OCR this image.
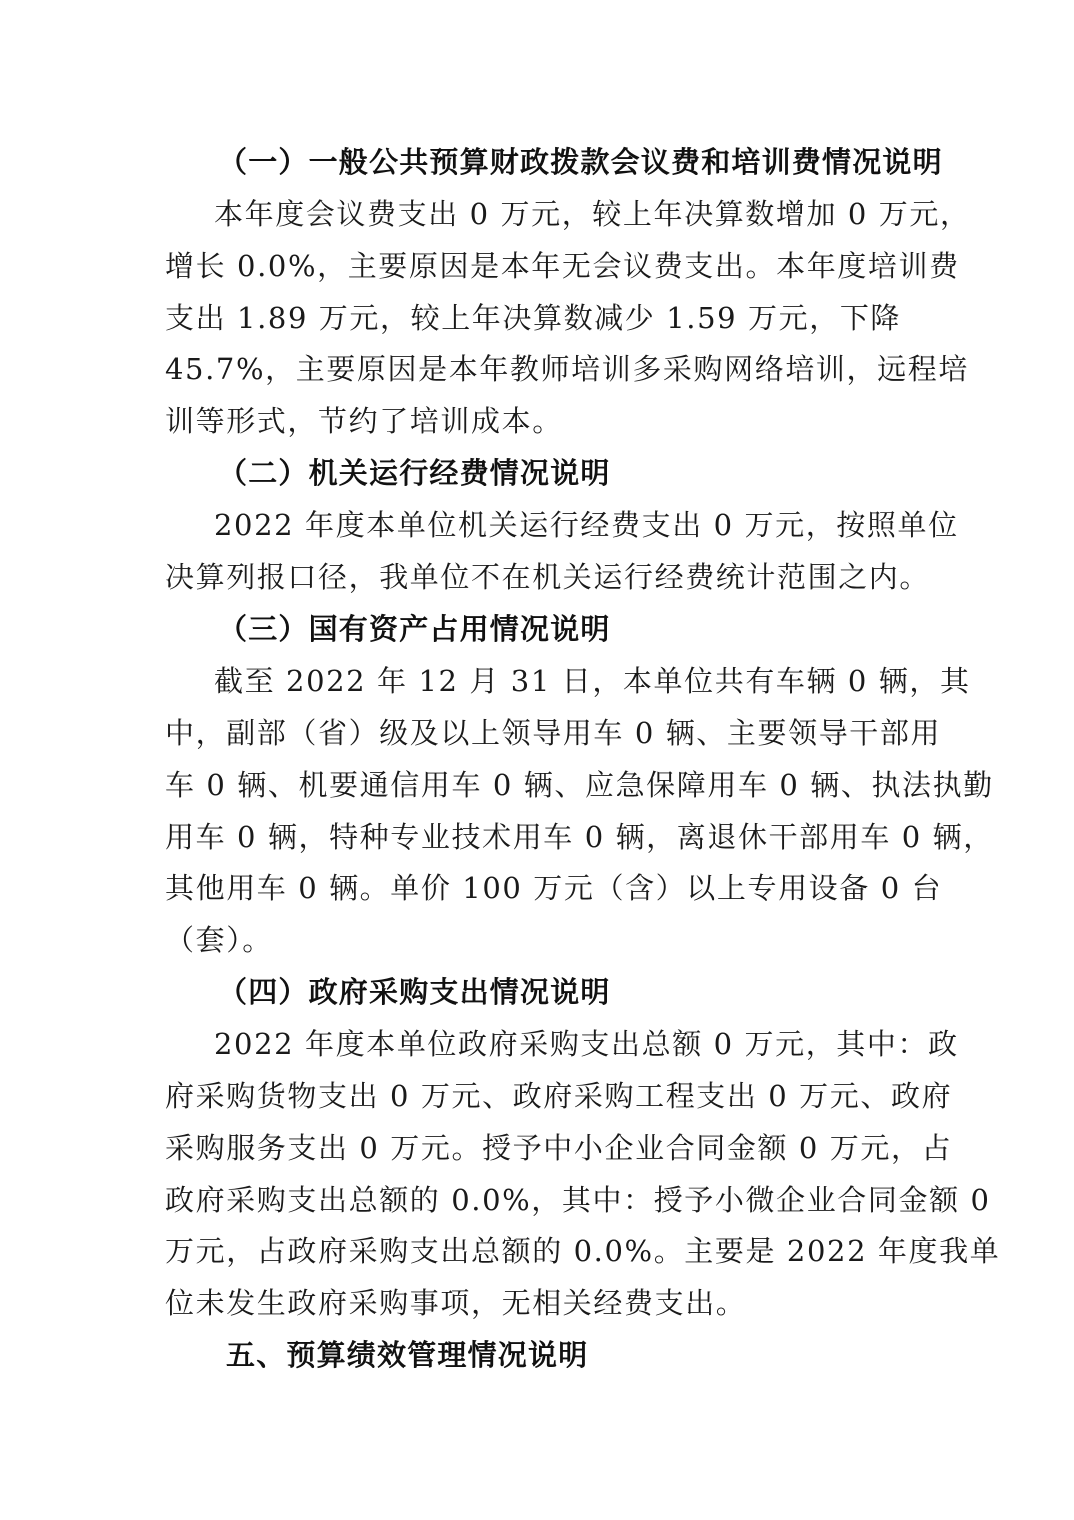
（一）一般公共预算财政拨款会议费和培训费情况说明
本年度会议费支出 0 万元，较上年决算数增加 0 万元，
增长 0.0%，主要原因是本年无会议费支出。本年度培训费
支出 1.89 万元，较上年决算数减少 1.59 万元，下降
45.7%，主要原因是本年教师培训多采购网络培训，远程培
训等形式，节约了培训成本。
（二）机关运行经费情况说明
2022 年度本单位机关运行经费支出 0 万元，按照单位
决算列报口径，我单位不在机关运行经费统计范围之内。
（三）国有资产占用情况说明
截至 2022 年 12 月 31 日，本单位共有车辆 0 辆，其
中，副部（省）级及以上领导用车 0 辆、主要领导干部用
车 0 辆、机要通信用车 0 辆、应急保障用车 0 辆、执法执勤
用车 0 辆，特种专业技术用车 0 辆，离退休干部用车 0 辆，
其他用车 0 辆。单价 100 万元（含）以上专用设备 0 台
（套）。
（四）政府采购支出情况说明
2022 年度本单位政府采购支出总额 0 万元，其中：政
府采购货物支出 0 万元、政府采购工程支出 0 万元、政府
采购服务支出 0 万元。授予中小企业合同金额 0 万元，占
政府采购支出总额的 0.0%，其中：授予小微企业合同金额 0
万元，占政府采购支出总额的 0.0%。主要是 2022 年度我单
位未发生政府采购事项，无相关经费支出。
五、预算绩效管理情况说明
